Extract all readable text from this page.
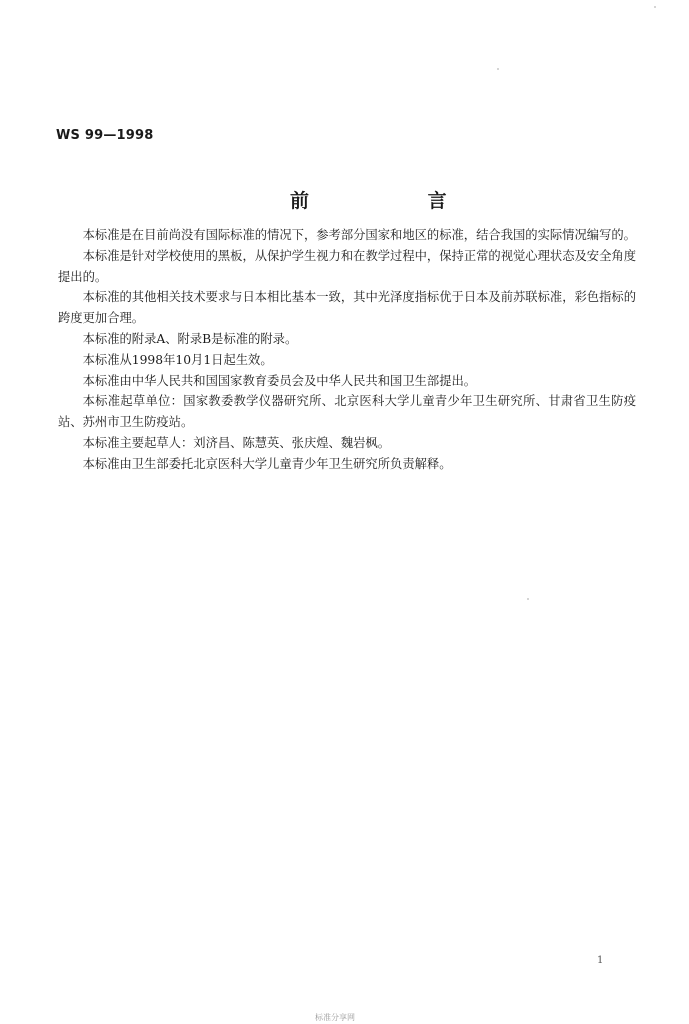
WS 99—1998
前 言

本标准是在目前尚没有国际标准的情况下，参考部分国家和地区的标准，结合我国的实际情况编写的。

本标准是针对学校使用的黑板，从保护学生视力和在教学过程中，保持正常的视觉心理状态及安全角度提出的。

本标准的其他相关技术要求与日本相比基本一致，其中光泽度指标优于日本及前苏联标准，彩色指标的跨度更加合理。

本标准的附录A、附录B是标准的附录。

本标准从1998年10月1日起生效。

本标准由中华人民共和国国家教育委员会及中华人民共和国卫生部提出。

本标准起草单位：国家教委教学仪器研究所、北京医科大学儿童青少年卫生研究所、甘肃省卫生防疫站、苏州市卫生防疫站。

本标准主要起草人：刘济昌、陈慧英、张庆煌、魏岩枫。

本标准由卫生部委托北京医科大学儿童青少年卫生研究所负责解释。

1
标准分享网
